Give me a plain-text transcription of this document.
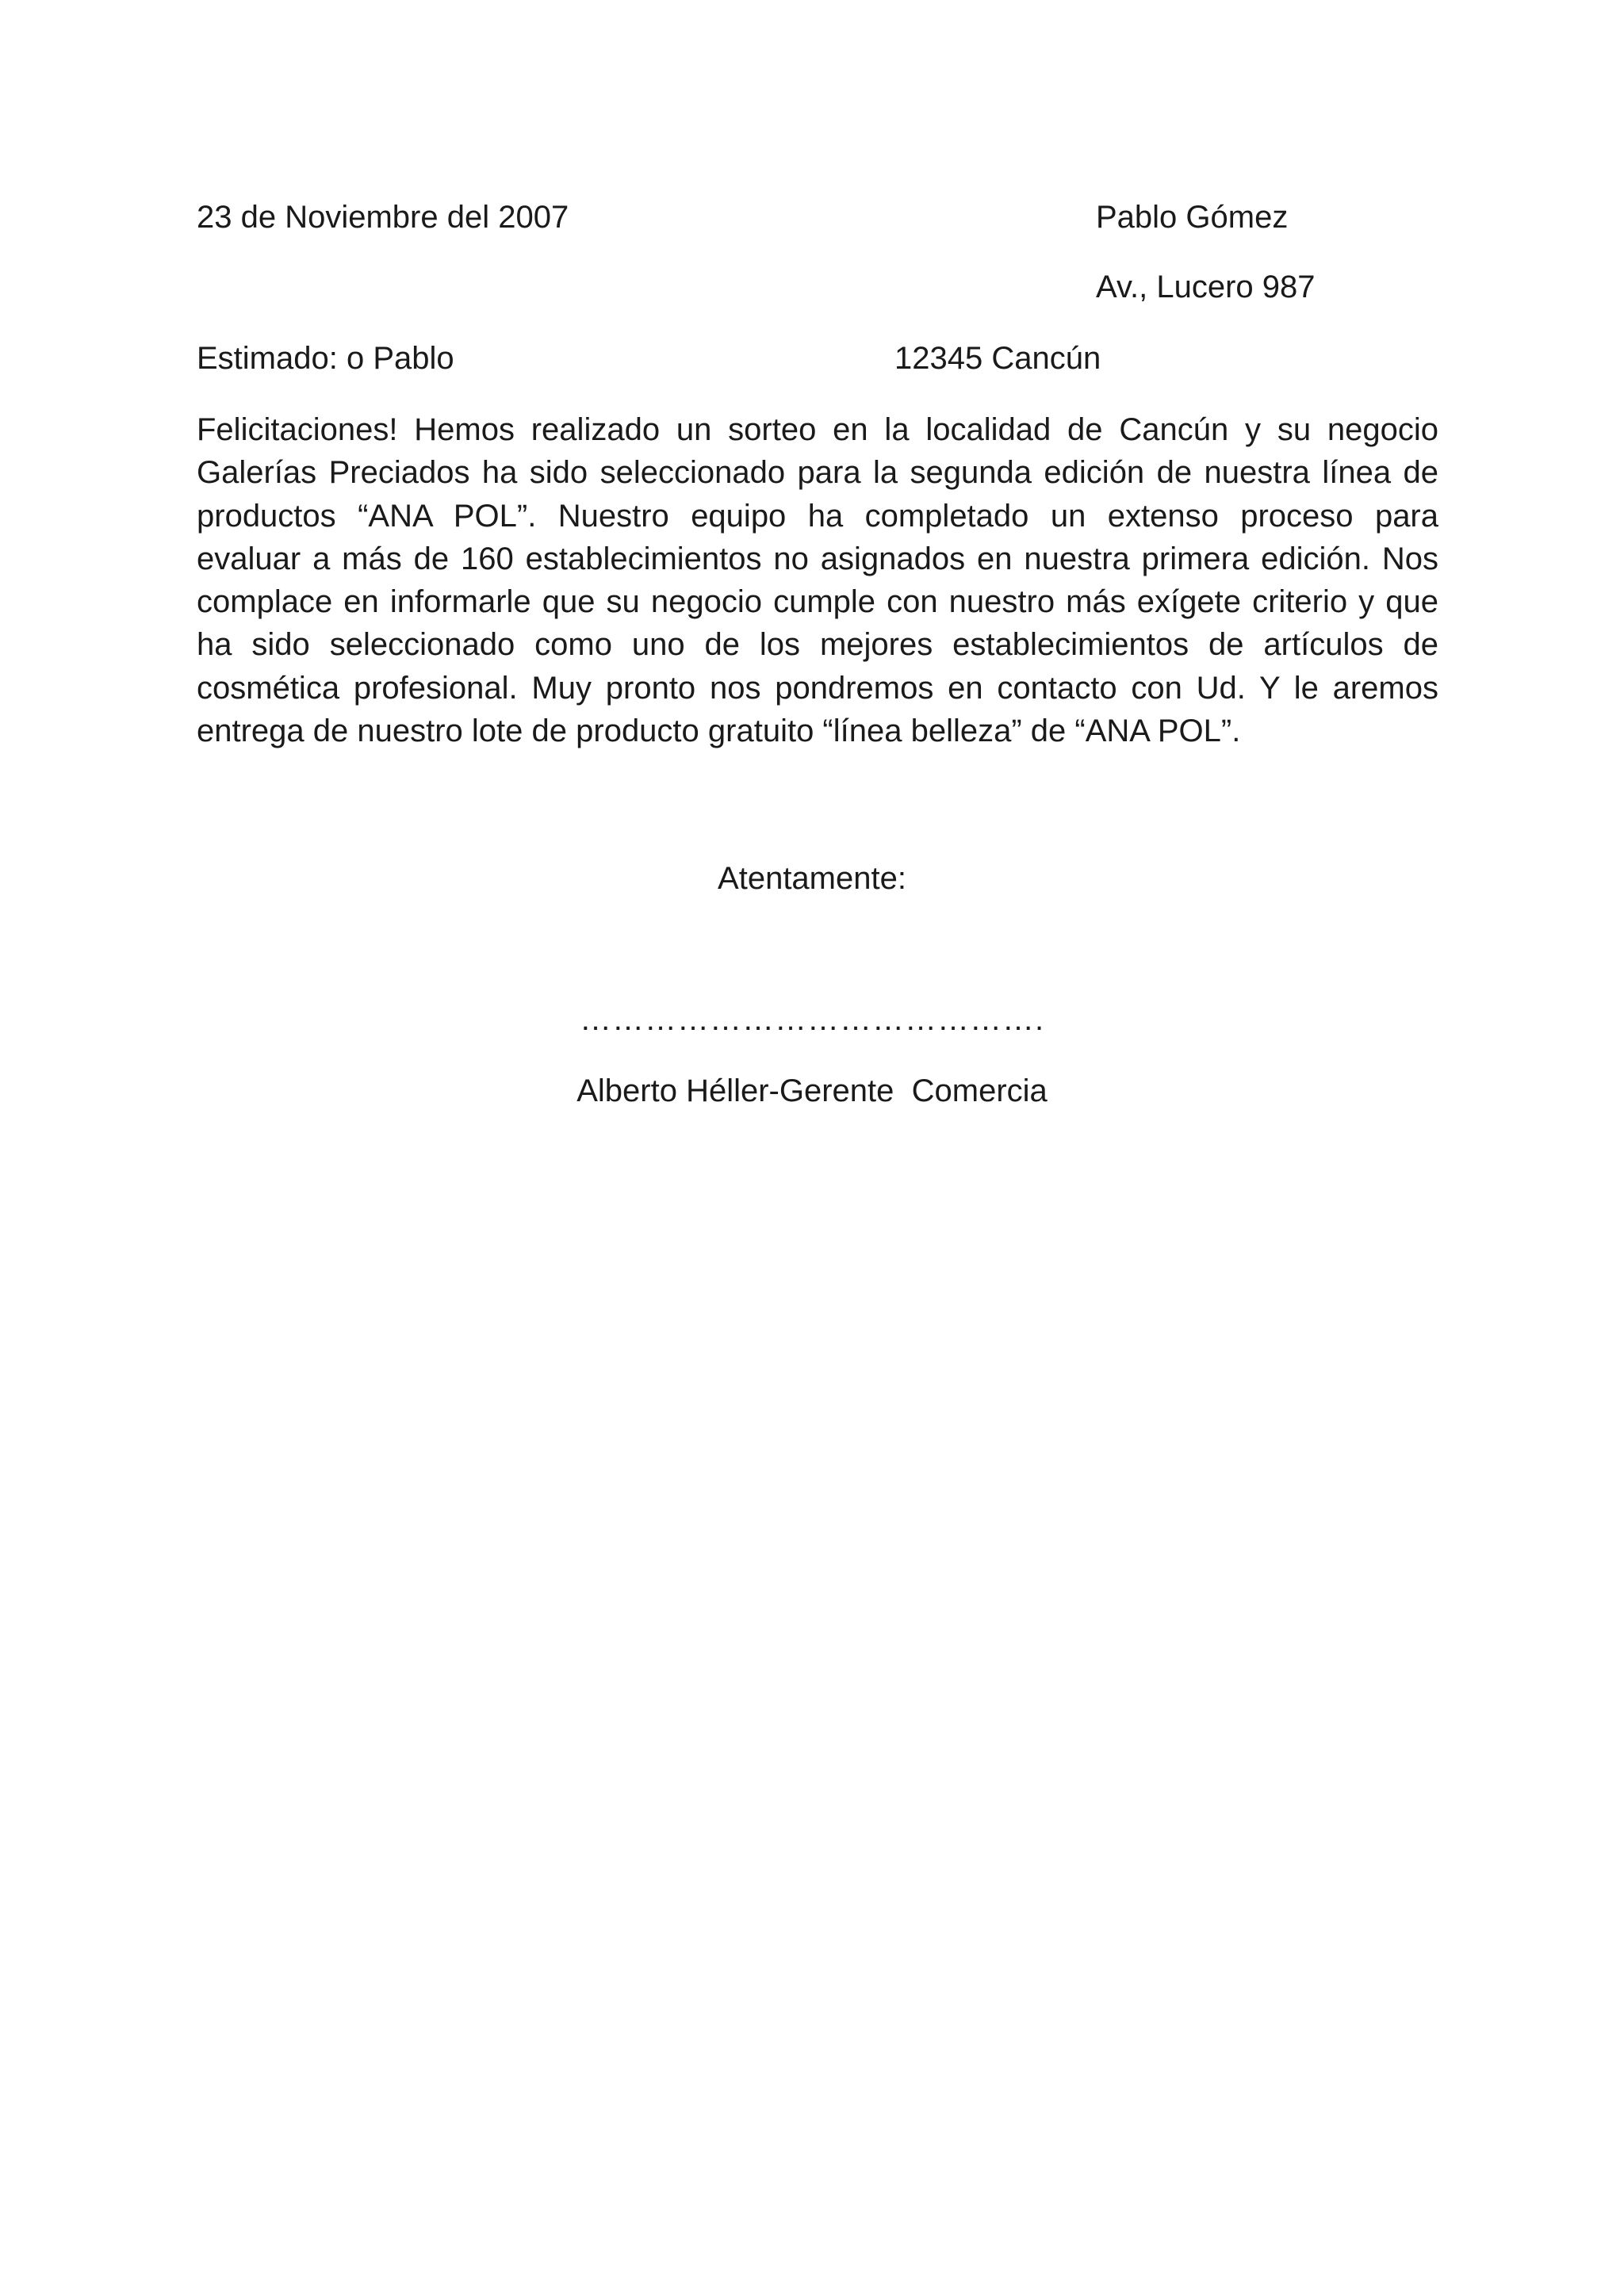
23 de Noviembre del 2007	Pablo Gómez
Av., Lucero 987
Estimado: o Pablo	12345 Cancún
Felicitaciones! Hemos realizado un sorteo en la localidad de Cancún y su negocio
Galerías Preciados ha sido seleccionado para la segunda edición de nuestra línea de
productos “ANA POL”. Nuestro equipo ha completado un extenso proceso para
evaluar a más de 160 establecimientos no asignados en nuestra primera edición. Nos
complace en informarle que su negocio cumple con nuestro más exígete criterio y que
ha sido seleccionado como uno de los mejores establecimientos de artículos de
cosmética profesional. Muy pronto nos pondremos en contacto con Ud. Y le aremos
entrega de nuestro lote de producto gratuito “línea belleza” de “ANA POL”.
Atentamente:
…………………………………….
Alberto Héller-Gerente  Comercia
